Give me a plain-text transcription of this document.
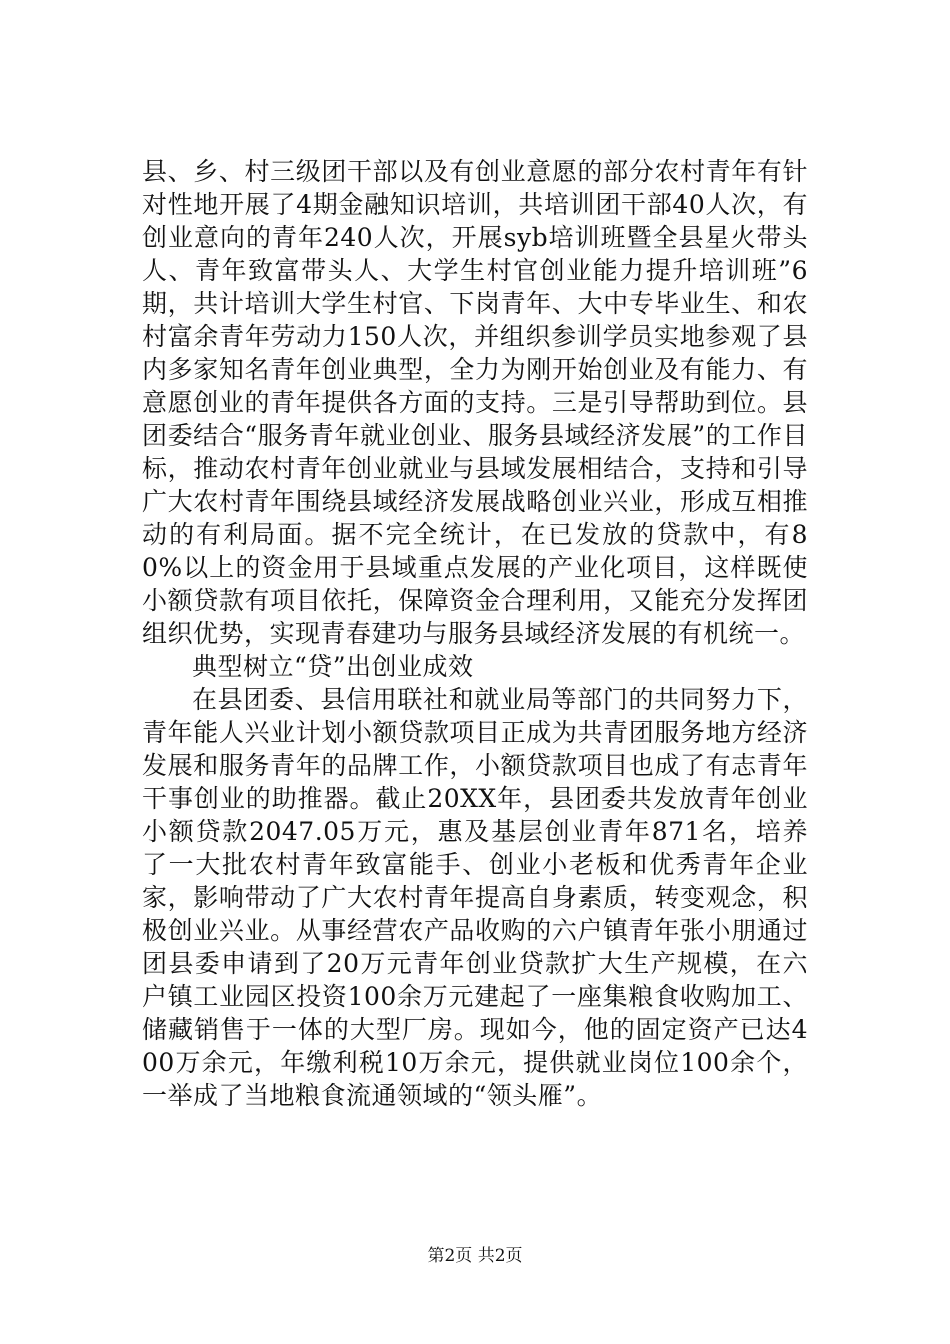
县、乡、村三级团干部以及有创业意愿的部分农村青年有针对性地开展了4期金融知识培训，共培训团干部40人次，有创业意向的青年240人次，开展syb培训班暨全县星火带头人、青年致富带头人、大学生村官创业能力提升培训班”6期，共计培训大学生村官、下岗青年、大中专毕业生、和农村富余青年劳动力150人次，并组织参训学员实地参观了县内多家知名青年创业典型，全力为刚开始创业及有能力、有意愿创业的青年提供各方面的支持。三是引导帮助到位。县团委结合“服务青年就业创业、服务县域经济发展”的工作目标，推动农村青年创业就业与县域发展相结合，支持和引导广大农村青年围绕县域经济发展战略创业兴业，形成互相推动的有利局面。据不完全统计，在已发放的贷款中，有80%以上的资金用于县域重点发展的产业化项目，这样既使小额贷款有项目依托，保障资金合理利用，又能充分发挥团组织优势，实现青春建功与服务县域经济发展的有机统一。

典型树立“贷”出创业成效

在县团委、县信用联社和就业局等部门的共同努力下，青年能人兴业计划小额贷款项目正成为共青团服务地方经济发展和服务青年的品牌工作，小额贷款项目也成了有志青年干事创业的助推器。截止20XX年，县团委共发放青年创业小额贷款2047.05万元，惠及基层创业青年871名，培养了一大批农村青年致富能手、创业小老板和优秀青年企业家，影响带动了广大农村青年提高自身素质，转变观念，积极创业兴业。从事经营农产品收购的六户镇青年张小朋通过团县委申请到了20万元青年创业贷款扩大生产规模，在六户镇工业园区投资100余万元建起了一座集粮食收购加工、储藏销售于一体的大型厂房。现如今，他的固定资产已达400万余元，年缴利税10万余元，提供就业岗位100余个，一举成了当地粮食流通领域的“领头雁”。

第2页 共2页
